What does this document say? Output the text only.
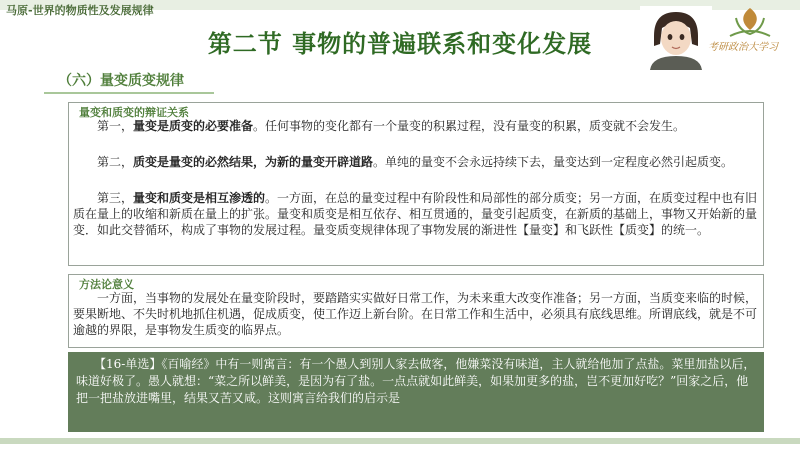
马原-世界的物质性及发展规律
第二节 事物的普遍联系和变化发展	考研政治大学习
（六）量变质变规律
量变和质变的辩证关系

　　第一，量变是质变的必要准备。任何事物的变化都有一个量变的积累过程，没有量变的积累，质变就不会发生。

　　第二，质变是量变的必然结果，为新的量变开辟道路。单纯的量变不会永远持续下去，量变达到一定程度必然引起质变。

　　第三，量变和质变是相互渗透的。一方面，在总的量变过程中有阶段性和局部性的部分质变；另一方面，在质变过程中也有旧质在量上的收缩和新质在量上的扩张。量变和质变是相互依存、相互贯通的，量变引起质变，在新质的基础上，事物又开始新的量变．如此交替循环，构成了事物的发展过程。量变质变规律体现了事物发展的渐进性【量变】和飞跃性【质变】的统一。

方法论意义

　　一方面，当事物的发展处在量变阶段时，要踏踏实实做好日常工作，为未来重大改变作准备；另一方面，当质变来临的时候，要果断地、不失时机地抓住机遇，促成质变，使工作迈上新台阶。在日常工作和生活中，必须具有底线思维。所谓底线，就是不可逾越的界限，是事物发生质变的临界点。

　　【16-单选】《百喻经》中有一则寓言：有一个愚人到别人家去做客，他嫌菜没有味道，主人就给他加了点盐。菜里加盐以后，味道好极了。愚人就想：“菜之所以鲜美，是因为有了盐。一点点就如此鲜美，如果加更多的盐，岂不更加好吃？”回家之后，他把一把盐放进嘴里，结果又苦又咸。这则寓言给我们的启示是
